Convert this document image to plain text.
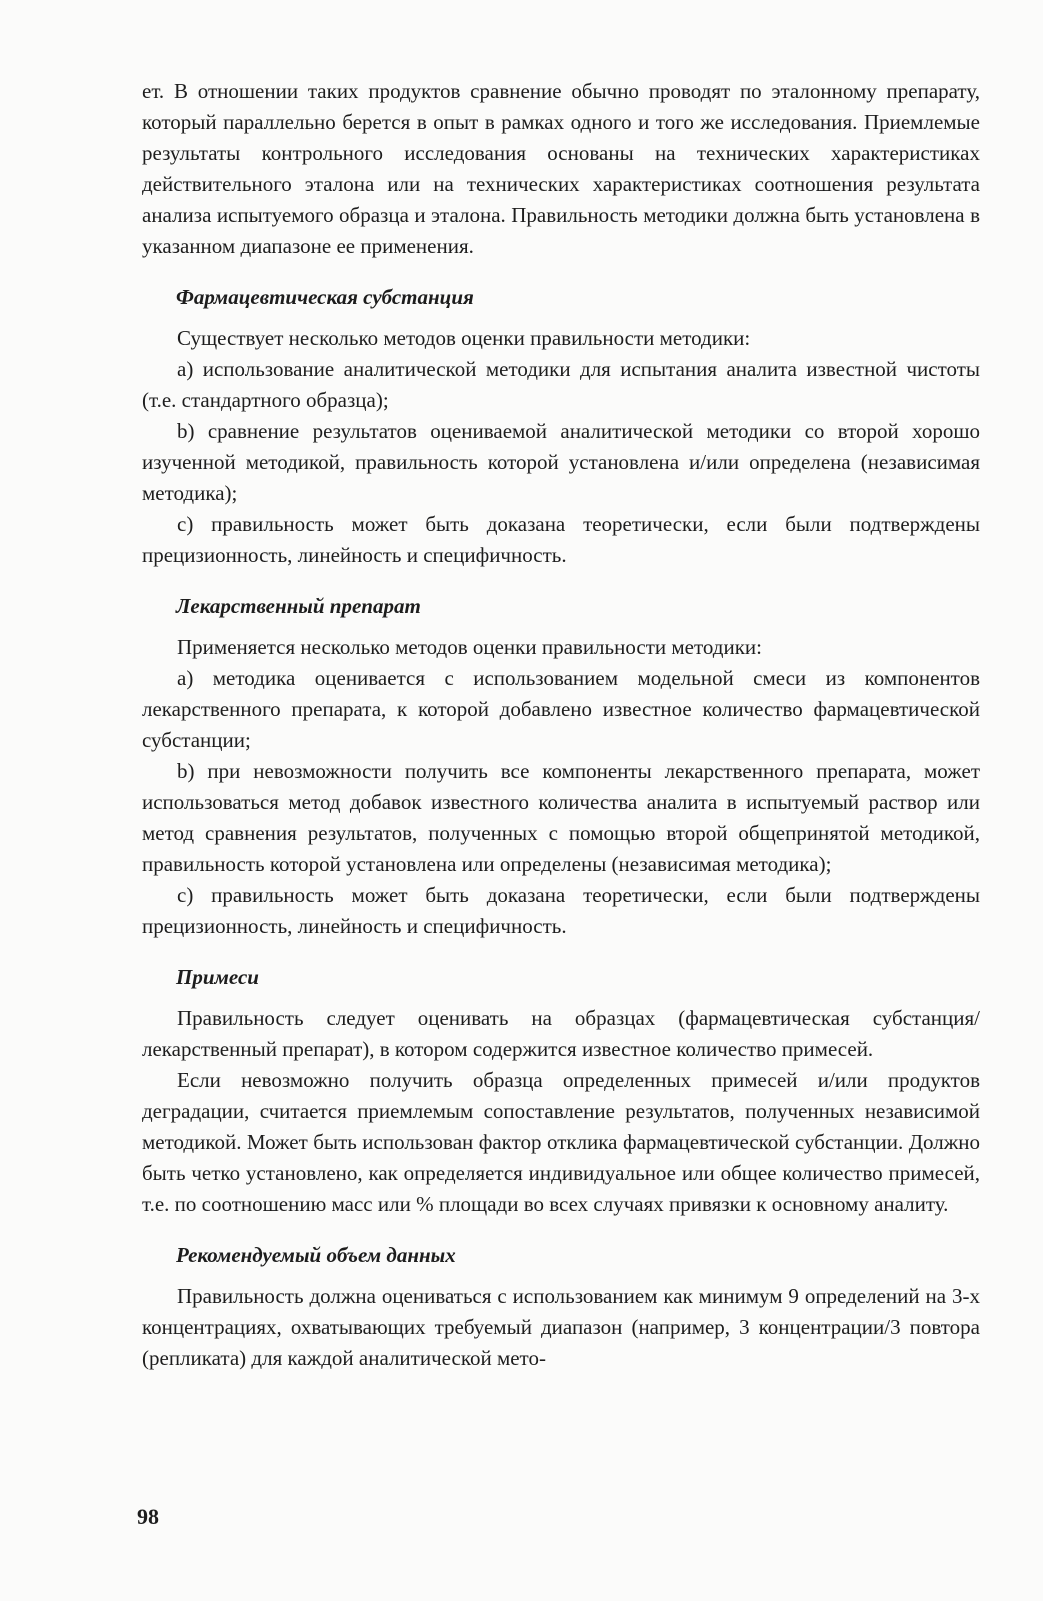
ет. В отношении таких продуктов сравнение обычно проводят по эталонному препарату, который параллельно берется в опыт в рамках одного и того же исследования. Приемлемые результаты контрольного исследования основаны на технических характеристиках действительного эталона или на технических характеристиках соотношения результата анализа испытуемого образца и эталона. Правильность методики должна быть установлена в указанном диапазоне ее применения.

Фармацевтическая субстанция

Существует несколько методов оценки правильности методики:

a) использование аналитической методики для испытания аналита известной чистоты (т.е. стандартного образца);

b) сравнение результатов оцениваемой аналитической методики со второй хорошо изученной методикой, правильность которой установлена и/или определена (независимая методика);

c) правильность может быть доказана теоретически, если были подтверждены прецизионность, линейность и специфичность.

Лекарственный препарат

Применяется несколько методов оценки правильности методики:

a) методика оценивается с использованием модельной смеси из компонентов лекарственного препарата, к которой добавлено известное количество фармацевтической субстанции;

b) при невозможности получить все компоненты лекарственного препарата, может использоваться метод добавок известного количества аналита в испытуемый раствор или метод сравнения результатов, полученных с помощью второй общепринятой методикой, правильность которой установлена или определены (независимая методика);

c) правильность может быть доказана теоретически, если были подтверждены прецизионность, линейность и специфичность.

Примеси

Правильность следует оценивать на образцах (фармацевтическая субстанция/лекарственный препарат), в котором содержится известное количество примесей.

Если невозможно получить образца определенных примесей и/или продуктов деградации, считается приемлемым сопоставление результатов, полученных независимой методикой. Может быть использован фактор отклика фармацевтической субстанции. Должно быть четко установлено, как определяется индивидуальное или общее количество примесей, т.е. по соотношению масс или % площади во всех случаях привязки к основному аналиту.

Рекомендуемый объем данных

Правильность должна оцениваться с использованием как минимум 9 определений на 3-х концентрациях, охватывающих требуемый диапазон (например, 3 концентрации/3 повтора (репликата) для каждой аналитической мето-

98
